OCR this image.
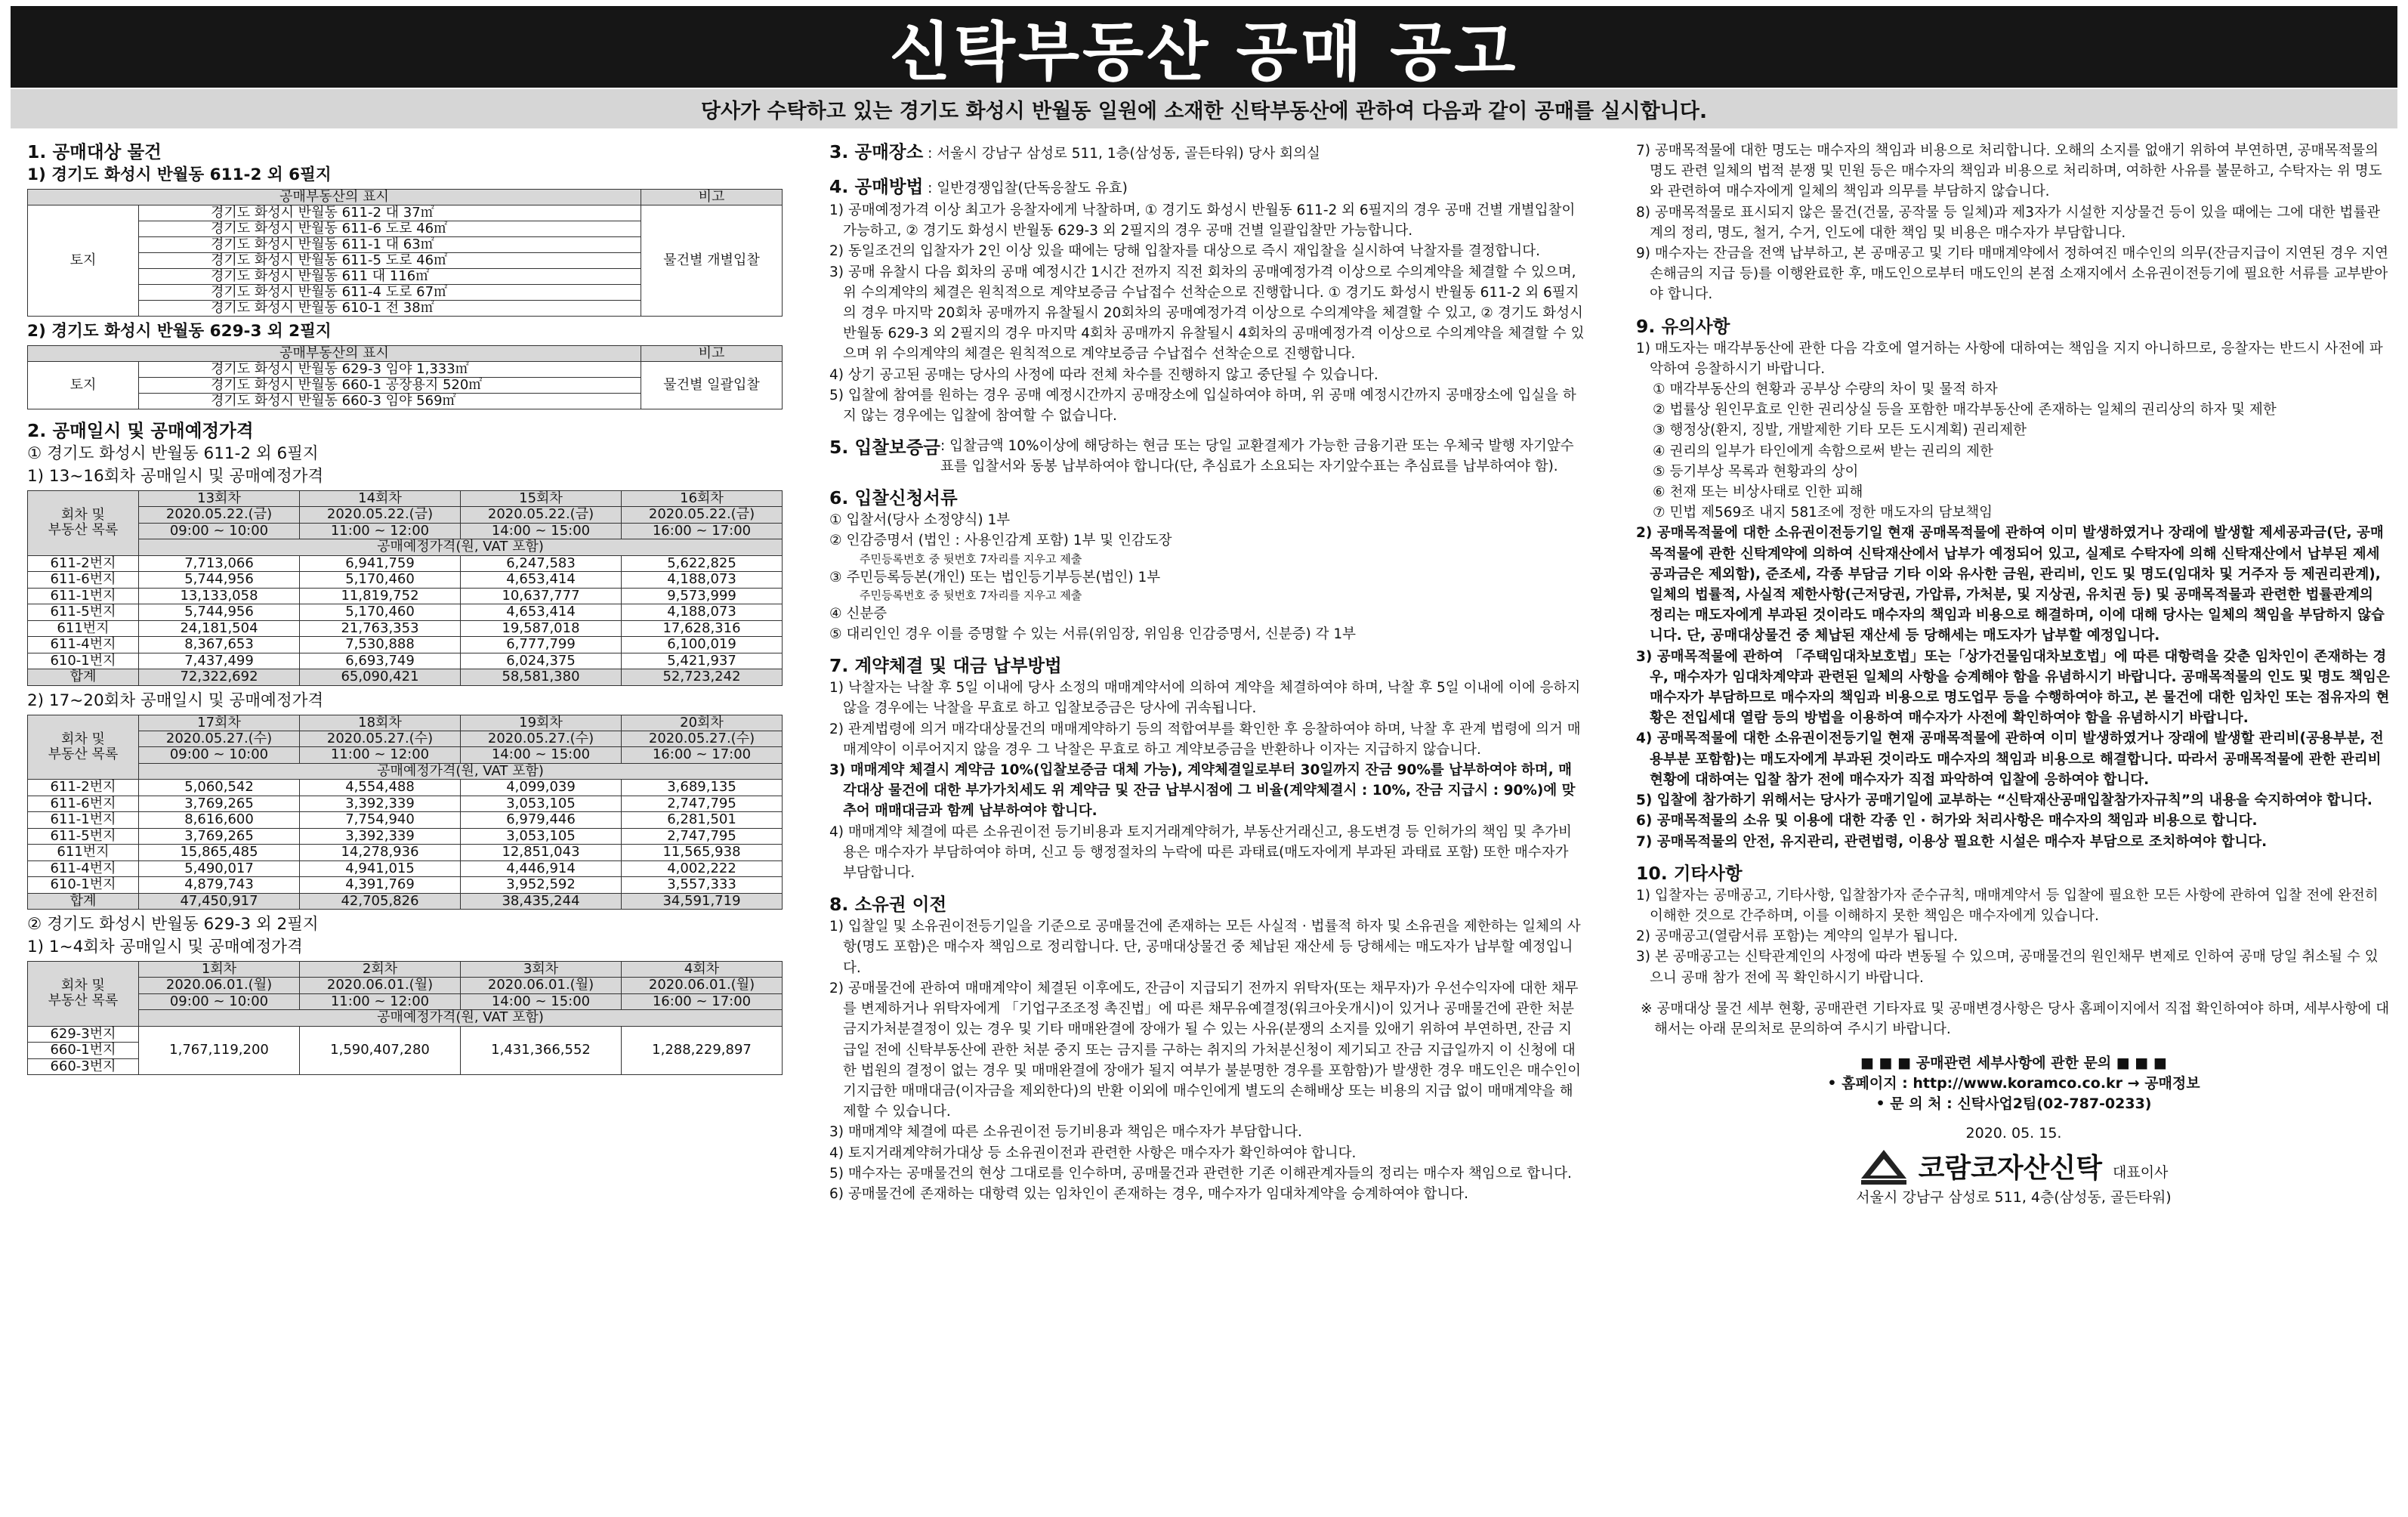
신탁부동산 공매 공고
당사가 수탁하고 있는 경기도 화성시 반월동 일원에 소재한 신탁부동산에 관하여 다음과 같이 공매를 실시합니다.
1. 공매대상 물건
1) 경기도 화성시 반월동 611-2 외 6필지
공매부동산의 표시		비고
토지	경기도 화성시 반월동 611-2 대 37㎡	물건별 개별입찰
	경기도 화성시 반월동 611-6 도로 46㎡	
	경기도 화성시 반월동 611-1 대 63㎡	
	경기도 화성시 반월동 611-5 도로 46㎡	
	경기도 화성시 반월동 611 대 116㎡	
	경기도 화성시 반월동 611-4 도로 67㎡	
	경기도 화성시 반월동 610-1 전 38㎡	
2) 경기도 화성시 반월동 629-3 외 2필지
공매부동산의 표시		비고
토지	경기도 화성시 반월동 629-3 임야 1,333㎡	물건별 일괄입찰
	경기도 화성시 반월동 660-1 공장용지 520㎡	
	경기도 화성시 반월동 660-3 임야 569㎡	
2. 공매일시 및 공매예정가격
① 경기도 화성시 반월동 611-2 외 6필지
1) 13~16회차 공매일시 및 공매예정가격
회차 및
부동산 목록	13회차	14회차	15회차	16회차
	2020.05.22.(금)	2020.05.22.(금)	2020.05.22.(금)	2020.05.22.(금)
	09:00 ~ 10:00	11:00 ~ 12:00	14:00 ~ 15:00	16:00 ~ 17:00
	공매예정가격(원, VAT 포함)			
611-2번지	7,713,066	6,941,759	6,247,583	5,622,825
611-6번지	5,744,956	5,170,460	4,653,414	4,188,073
611-1번지	13,133,058	11,819,752	10,637,777	9,573,999
611-5번지	5,744,956	5,170,460	4,653,414	4,188,073
611번지	24,181,504	21,763,353	19,587,018	17,628,316
611-4번지	8,367,653	7,530,888	6,777,799	6,100,019
610-1번지	7,437,499	6,693,749	6,024,375	5,421,937
합계	72,322,692	65,090,421	58,581,380	52,723,242
2) 17~20회차 공매일시 및 공매예정가격
회차 및
부동산 목록	17회차	18회차	19회차	20회차
	2020.05.27.(수)	2020.05.27.(수)	2020.05.27.(수)	2020.05.27.(수)
	09:00 ~ 10:00	11:00 ~ 12:00	14:00 ~ 15:00	16:00 ~ 17:00
	공매예정가격(원, VAT 포함)			
611-2번지	5,060,542	4,554,488	4,099,039	3,689,135
611-6번지	3,769,265	3,392,339	3,053,105	2,747,795
611-1번지	8,616,600	7,754,940	6,979,446	6,281,501
611-5번지	3,769,265	3,392,339	3,053,105	2,747,795
611번지	15,865,485	14,278,936	12,851,043	11,565,938
611-4번지	5,490,017	4,941,015	4,446,914	4,002,222
610-1번지	4,879,743	4,391,769	3,952,592	3,557,333
합계	47,450,917	42,705,826	38,435,244	34,591,719
② 경기도 화성시 반월동 629-3 외 2필지
1) 1~4회차 공매일시 및 공매예정가격
회차 및
부동산 목록	1회차	2회차	3회차	4회차
	2020.06.01.(월)	2020.06.01.(월)	2020.06.01.(월)	2020.06.01.(월)
	09:00 ~ 10:00	11:00 ~ 12:00	14:00 ~ 15:00	16:00 ~ 17:00
	공매예정가격(원, VAT 포함)			
629-3번지	1,767,119,200	1,590,407,280	1,431,366,552	1,288,229,897
660-1번지				
660-3번지				
3. 공매장소 : 서울시 강남구 삼성로 511, 1층(삼성동, 골든타워) 당사 회의실
4. 공매방법 : 일반경쟁입찰(단독응찰도 유효)
1) 공매예정가격 이상 최고가 응찰자에게 낙찰하며, ① 경기도 화성시 반월동 611-2 외 6필지의 경우 공매 건별 개별입찰이 가능하고, ② 경기도 화성시 반월동 629-3 외 2필지의 경우 공매 건별 일괄입찰만 가능합니다.
2) 동일조건의 입찰자가 2인 이상 있을 때에는 당해 입찰자를 대상으로 즉시 재입찰을 실시하여 낙찰자를 결정합니다.
3) 공매 유찰시 다음 회차의 공매 예정시간 1시간 전까지 직전 회차의 공매예정가격 이상으로 수의계약을 체결할 수 있으며, 위 수의계약의 체결은 원칙적으로 계약보증금 수납접수 선착순으로 진행합니다. ① 경기도 화성시 반월동 611-2 외 6필지의 경우 마지막 20회차 공매까지 유찰될시 20회차의 공매예정가격 이상으로 수의계약을 체결할 수 있고, ② 경기도 화성시 반월동 629-3 외 2필지의 경우 마지막 4회차 공매까지 유찰될시 4회차의 공매예정가격 이상으로 수의계약을 체결할 수 있으며 위 수의계약의 체결은 원칙적으로 계약보증금 수납접수 선착순으로 진행합니다.
4) 상기 공고된 공매는 당사의 사정에 따라 전체 차수를 진행하지 않고 중단될 수 있습니다.
5) 입찰에 참여를 원하는 경우 공매 예정시간까지 공매장소에 입실하여야 하며, 위 공매 예정시간까지 공매장소에 입실을 하지 않는 경우에는 입찰에 참여할 수 없습니다.
5. 입찰보증금 : 입찰금액 10%이상에 해당하는 현금 또는 당일 교환결제가 가능한 금융기관 또는 우체국 발행 자기앞수표를 입찰서와 동봉 납부하여야 합니다(단, 추심료가 소요되는 자기앞수표는 추심료를 납부하여야 함).
6. 입찰신청서류
① 입찰서(당사 소정양식) 1부
② 인감증명서 (법인 : 사용인감계 포함) 1부 및 인감도장
주민등록번호 중 뒷번호 7자리를 지우고 제출
③ 주민등록등본(개인) 또는 법인등기부등본(법인) 1부
주민등록번호 중 뒷번호 7자리를 지우고 제출
④ 신분증
⑤ 대리인인 경우 이를 증명할 수 있는 서류(위임장, 위임용 인감증명서, 신분증) 각 1부
7. 계약체결 및 대금 납부방법
1) 낙찰자는 낙찰 후 5일 이내에 당사 소정의 매매계약서에 의하여 계약을 체결하여야 하며, 낙찰 후 5일 이내에 이에 응하지 않을 경우에는 낙찰을 무효로 하고 입찰보증금은 당사에 귀속됩니다.
2) 관계법령에 의거 매각대상물건의 매매계약하기 등의 적합여부를 확인한 후 응찰하여야 하며, 낙찰 후 관계 법령에 의거 매매계약이 이루어지지 않을 경우 그 낙찰은 무효로 하고 계약보증금을 반환하나 이자는 지급하지 않습니다.
3) 매매계약 체결시 계약금 10%(입찰보증금 대체 가능), 계약체결일로부터 30일까지 잔금 90%를 납부하여야 하며, 매각대상 물건에 대한 부가가치세도 위 계약금 및 잔금 납부시점에 그 비율(계약체결시 : 10%, 잔금 지급시 : 90%)에 맞추어 매매대금과 함께 납부하여야 합니다.
4) 매매계약 체결에 따른 소유권이전 등기비용과 토지거래계약허가, 부동산거래신고, 용도변경 등 인허가의 책임 및 추가비용은 매수자가 부담하여야 하며, 신고 등 행정절차의 누락에 따른 과태료(매도자에게 부과된 과태료 포함) 또한 매수자가 부담합니다.
8. 소유권 이전
1) 입찰일 및 소유권이전등기일을 기준으로 공매물건에 존재하는 모든 사실적 · 법률적 하자 및 소유권을 제한하는 일체의 사항(명도 포함)은 매수자 책임으로 정리합니다. 단, 공매대상물건 중 체납된 재산세 등 당해세는 매도자가 납부할 예정입니다.
2) 공매물건에 관하여 매매계약이 체결된 이후에도, 잔금이 지급되기 전까지 위탁자(또는 채무자)가 우선수익자에 대한 채무를 변제하거나 위탁자에게 「기업구조조정 촉진법」에 따른 채무유예결정(워크아웃개시)이 있거나 공매물건에 관한 처분금지가처분결정이 있는 경우 및 기타 매매완결에 장애가 될 수 있는 사유(분쟁의 소지를 있애기 위하여 부연하면, 잔금 지급일 전에 신탁부동산에 관한 처분 중지 또는 금지를 구하는 취지의 가처분신청이 제기되고 잔금 지급일까지 이 신청에 대한 법원의 결정이 없는 경우 및 매매완결에 장애가 될지 여부가 불분명한 경우를 포함함)가 발생한 경우 매도인은 매수인이 기지급한 매매대금(이자금을 제외한다)의 반환 이외에 매수인에게 별도의 손해배상 또는 비용의 지급 없이 매매계약을 해제할 수 있습니다.
3) 매매계약 체결에 따른 소유권이전 등기비용과 책임은 매수자가 부담합니다.
4) 토지거래계약허가대상 등 소유권이전과 관련한 사항은 매수자가 확인하여야 합니다.
5) 매수자는 공매물건의 현상 그대로를 인수하며, 공매물건과 관련한 기존 이해관계자들의 정리는 매수자 책임으로 합니다.
6) 공매물건에 존재하는 대항력 있는 임차인이 존재하는 경우, 매수자가 임대차계약을 승계하여야 합니다.
7) 공매목적물에 대한 명도는 매수자의 책임과 비용으로 처리합니다. 오해의 소지를 없애기 위하여 부연하면, 공매목적물의 명도 관련 일체의 법적 분쟁 및 민원 등은 매수자의 책임과 비용으로 처리하며, 여하한 사유를 불문하고, 수탁자는 위 명도와 관련하여 매수자에게 일체의 책임과 의무를 부담하지 않습니다.
8) 공매목적물로 표시되지 않은 물건(건물, 공작물 등 일체)과 제3자가 시설한 지상물건 등이 있을 때에는 그에 대한 법률관계의 정리, 명도, 철거, 수거, 인도에 대한 책임 및 비용은 매수자가 부담합니다.
9) 매수자는 잔금을 전액 납부하고, 본 공매공고 및 기타 매매계약에서 정하여진 매수인의 의무(잔금지급이 지연된 경우 지연손해금의 지급 등)를 이행완료한 후, 매도인으로부터 매도인의 본점 소재지에서 소유권이전등기에 필요한 서류를 교부받아야 합니다.
9. 유의사항
1) 매도자는 매각부동산에 관한 다음 각호에 열거하는 사항에 대하여는 책임을 지지 아니하므로, 응찰자는 반드시 사전에 파악하여 응찰하시기 바랍니다.
① 매각부동산의 현황과 공부상 수량의 차이 및 물적 하자
② 법률상 원인무효로 인한 권리상실 등을 포함한 매각부동산에 존재하는 일체의 권리상의 하자 및 제한
③ 행정상(환지, 징발, 개발제한 기타 모든 도시계획) 권리제한
④ 권리의 일부가 타인에게 속함으로써 받는 권리의 제한
⑤ 등기부상 목록과 현황과의 상이
⑥ 천재 또는 비상사태로 인한 피해
⑦ 민법 제569조 내지 581조에 정한 매도자의 담보책임
2) 공매목적물에 대한 소유권이전등기일 현재 공매목적물에 관하여 이미 발생하였거나 장래에 발생할 제세공과금(단, 공매목적물에 관한 신탁계약에 의하여 신탁재산에서 납부가 예정되어 있고, 실제로 수탁자에 의해 신탁재산에서 납부된 제세공과금은 제외함), 준조세, 각종 부담금 기타 이와 유사한 금원, 관리비, 인도 및 명도(임대차 및 거주자 등 제권리관계), 일체의 법률적, 사실적 제한사항(근저당권, 가압류, 가처분, 및 지상권, 유치권 등) 및 공매목적물과 관련한 법률관계의 정리는 매도자에게 부과된 것이라도 매수자의 책임과 비용으로 해결하며, 이에 대해 당사는 일체의 책임을 부담하지 않습니다. 단, 공매대상물건 중 체납된 재산세 등 당해세는 매도자가 납부할 예정입니다.
3) 공매목적물에 관하여 「주택임대차보호법」또는「상가건물임대차보호법」에 따른 대항력을 갖춘 임차인이 존재하는 경우, 매수자가 임대차계약과 관련된 일체의 사항을 승계해야 함을 유념하시기 바랍니다. 공매목적물의 인도 및 명도 책임은 매수자가 부담하므로 매수자의 책임과 비용으로 명도업무 등을 수행하여야 하고, 본 물건에 대한 임차인 또는 점유자의 현황은 전입세대 열람 등의 방법을 이용하여 매수자가 사전에 확인하여야 함을 유념하시기 바랍니다.
4) 공매목적물에 대한 소유권이전등기일 현재 공매목적물에 관하여 이미 발생하였거나 장래에 발생할 관리비(공용부분, 전용부분 포함함)는 매도자에게 부과된 것이라도 매수자의 책임과 비용으로 해결합니다. 따라서 공매목적물에 관한 관리비 현황에 대하여는 입찰 참가 전에 매수자가 직접 파악하여 입찰에 응하여야 합니다.
5) 입찰에 참가하기 위해서는 당사가 공매기일에 교부하는 “신탁재산공매입찰참가자규칙”의 내용을 숙지하여야 합니다.
6) 공매목적물의 소유 및 이용에 대한 각종 인 · 허가와 처리사항은 매수자의 책임과 비용으로 합니다.
7) 공매목적물의 안전, 유지관리, 관련법령, 이용상 필요한 시설은 매수자 부담으로 조치하여야 합니다.
10. 기타사항
1) 입찰자는 공매공고, 기타사항, 입찰참가자 준수규칙, 매매계약서 등 입찰에 필요한 모든 사항에 관하여 입찰 전에 완전히 이해한 것으로 간주하며, 이를 이해하지 못한 책임은 매수자에게 있습니다.
2) 공매공고(열람서류 포함)는 계약의 일부가 됩니다.
3) 본 공매공고는 신탁관계인의 사정에 따라 변동될 수 있으며, 공매물건의 원인채무 변제로 인하여 공매 당일 취소될 수 있으니 공매 참가 전에 꼭 확인하시기 바랍니다.
※ 공매대상 물건 세부 현황, 공매관련 기타자료 및 공매변경사항은 당사 홈페이지에서 직접 확인하여야 하며, 세부사항에 대해서는 아래 문의처로 문의하여 주시기 바랍니다.
■ ■ ■ 공매관련 세부사항에 관한 문의 ■ ■ ■
• 홈페이지 : http://www.koramco.co.kr → 공매정보
• 문 의 처 : 신탁사업2팀(02-787-0233)
2020. 05. 15.
코람코자산신탁 대표이사
서울시 강남구 삼성로 511, 4층(삼성동, 골든타워)
